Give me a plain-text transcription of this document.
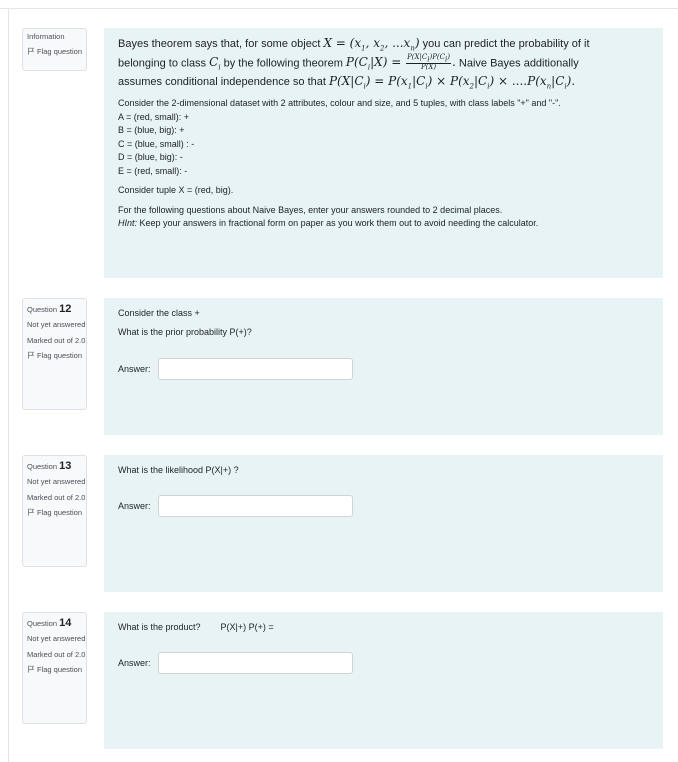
Information
Flag question
Bayes theorem says that, for some object $X = (x_1$, $x_2$, $...x_n$) you can predict the probability of it
belonging to class $C_i$ by the following theorem $P(C_i|X) = \frac{P(X|C_i)P(C_i)}{P(X)}$ . Naive Bayes additionally
assumes conditional independence so that $P(X|C_i) = P(x_1|C_i) \times P(x_2|C_i) \times ....P(x_n|C_i)$.

Consider the 2-dimensional dataset with 2 attributes, colour and size, and 5 tuples, with class labels "+" and "-".

A = (red, small): +

B = (blue, big): +

C = (blue, small) : -

D = (blue, big): -

E = (red, small): -

Consider tuple X = (red, big).

For the following questions about Naive Bayes, enter your answers rounded to 2 decimal places.

HInt: Keep your answers in fractional form on paper as you work them out to avoid needing the calculator.

Question 12
Not yet answered
Marked out of 2.0
Flag question
Consider the class +
What is the prior probability P(+)?
Answer:
Question 13
Not yet answered
Marked out of 2.0
Flag question
What is the likelihood P(X|+) ?
Answer:
Question 14
Not yet answered
Marked out of 2.0
Flag question
What is the product? P(X|+) P(+) =
Answer:
